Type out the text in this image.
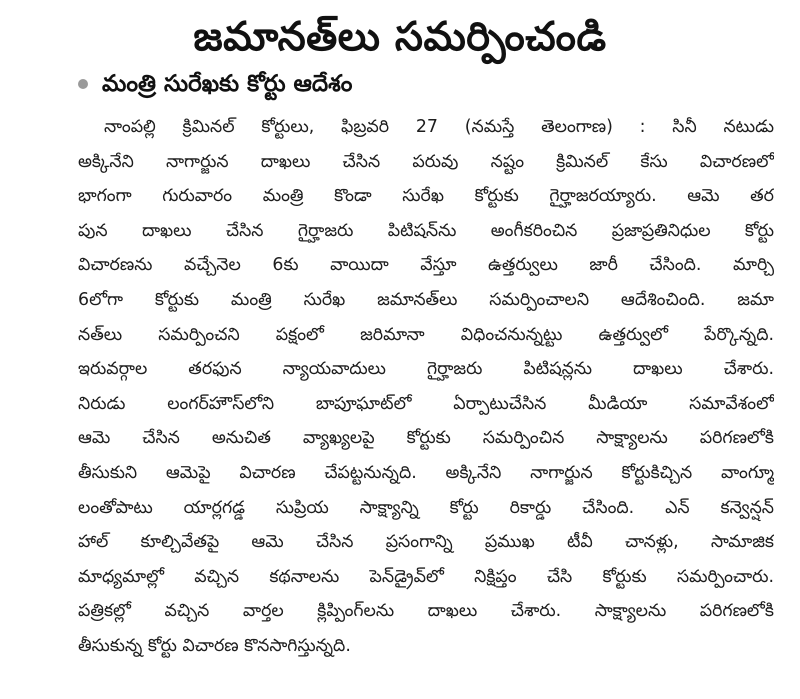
జమానత్‌లు సమర్పించండి
మంత్రి సురేఖకు కోర్టు ఆదేశం
నాంపల్లి క్రిమినల్‌ కోర్టులు, ఫిబ్రవరి 27 (నమస్తే తెలంగాణ) : సినీ నటుడు
అక్కినేని నాగార్జున దాఖలు చేసిన పరువు నష్టం క్రిమినల్‌ కేసు విచారణలో
భాగంగా గురువారం మంత్రి కొండా సురేఖ కోర్టుకు గైర్హాజరయ్యారు. ఆమె తర
పున దాఖలు చేసిన గైర్హాజరు పిటిషన్‌ను అంగీకరించిన ప్రజాప్రతినిధుల కోర్టు
విచారణను వచ్చేనెల 6కు వాయిదా వేస్తూ ఉత్తర్వులు జారీ చేసింది. మార్చి
6లోగా కోర్టుకు మంత్రి సురేఖ జమానత్‌లు సమర్పించాలని ఆదేశించింది. జమా
నత్‌లు సమర్పించని పక్షంలో జరిమానా విధించనున్నట్టు ఉత్తర్వులో పేర్కొన్నది.
ఇరువర్గాల తరఫున న్యాయవాదులు గైర్హాజరు పిటిషన్లను దాఖలు చేశారు.
నిరుడు లంగర్‌హౌస్‌లోని బాపూఘాట్‌లో ఏర్పాటుచేసిన మీడియా సమావేశంలో
ఆమె చేసిన అనుచిత వ్యాఖ్యలపై కోర్టుకు సమర్పించిన సాక్ష్యాలను పరిగణలోకి
తీసుకుని ఆమెపై విచారణ చేపట్టనున్నది. అక్కినేని నాగార్జున కోర్టుకిచ్చిన వాంగ్మూ
లంతోపాటు యార్లగడ్డ సుప్రియ సాక్ష్యాన్ని కోర్టు రికార్డు చేసింది. ఎన్‌ కన్వెన్షన్‌
హాల్‌ కూల్చివేతపై ఆమె చేసిన ప్రసంగాన్ని ప్రముఖ టీవీ చానళ్లు, సామాజిక
మాధ్యమాల్లో వచ్చిన కథనాలను పెన్‌డ్రైవ్‌లో నిక్షిప్తం చేసి కోర్టుకు సమర్పించారు.
పత్రికల్లో వచ్చిన వార్తల క్లిప్పింగ్‌లను దాఖలు చేశారు. సాక్ష్యాలను పరిగణలోకి
తీసుకున్న కోర్టు విచారణ కొనసాగిస్తున్నది.
